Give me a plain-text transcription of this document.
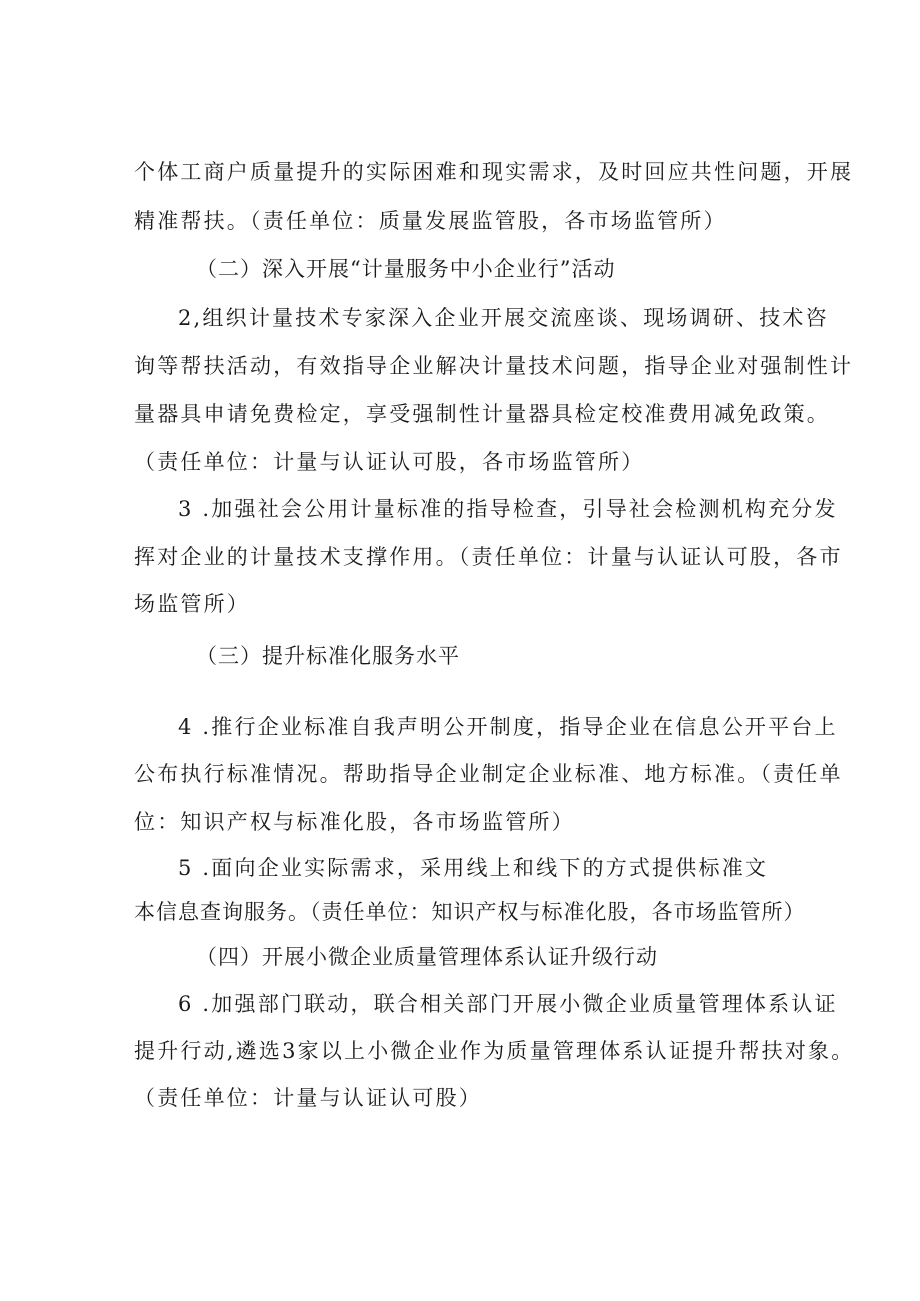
个体工商户质量提升的实际困难和现实需求，及时回应共性问题，开展

精准帮扶。（责任单位：质量发展监管股，各市场监管所）

（二）深入开展“计量服务中小企业行”活动

2,组织计量技术专家深入企业开展交流座谈、现场调研、技术咨

询等帮扶活动，有效指导企业解决计量技术问题，指导企业对强制性计

量器具申请免费检定，享受强制性计量器具检定校准费用减免政策。

（责任单位：计量与认证认可股，各市场监管所）

3 .加强社会公用计量标准的指导检查，引导社会检测机构充分发

挥对企业的计量技术支撑作用。（责任单位：计量与认证认可股，各市

场监管所）

（三）提升标准化服务水平

4 .推行企业标准自我声明公开制度，指导企业在信息公开平台上

公布执行标准情况。帮助指导企业制定企业标准、地方标准。（责任单

位：知识产权与标准化股，各市场监管所）

5 .面向企业实际需求，采用线上和线下的方式提供标准文

本信息查询服务。（责任单位：知识产权与标准化股，各市场监管所）

（四）开展小微企业质量管理体系认证升级行动

6 .加强部门联动，联合相关部门开展小微企业质量管理体系认证

提升行动,遴选3家以上小微企业作为质量管理体系认证提升帮扶对象。

（责任单位：计量与认证认可股）
